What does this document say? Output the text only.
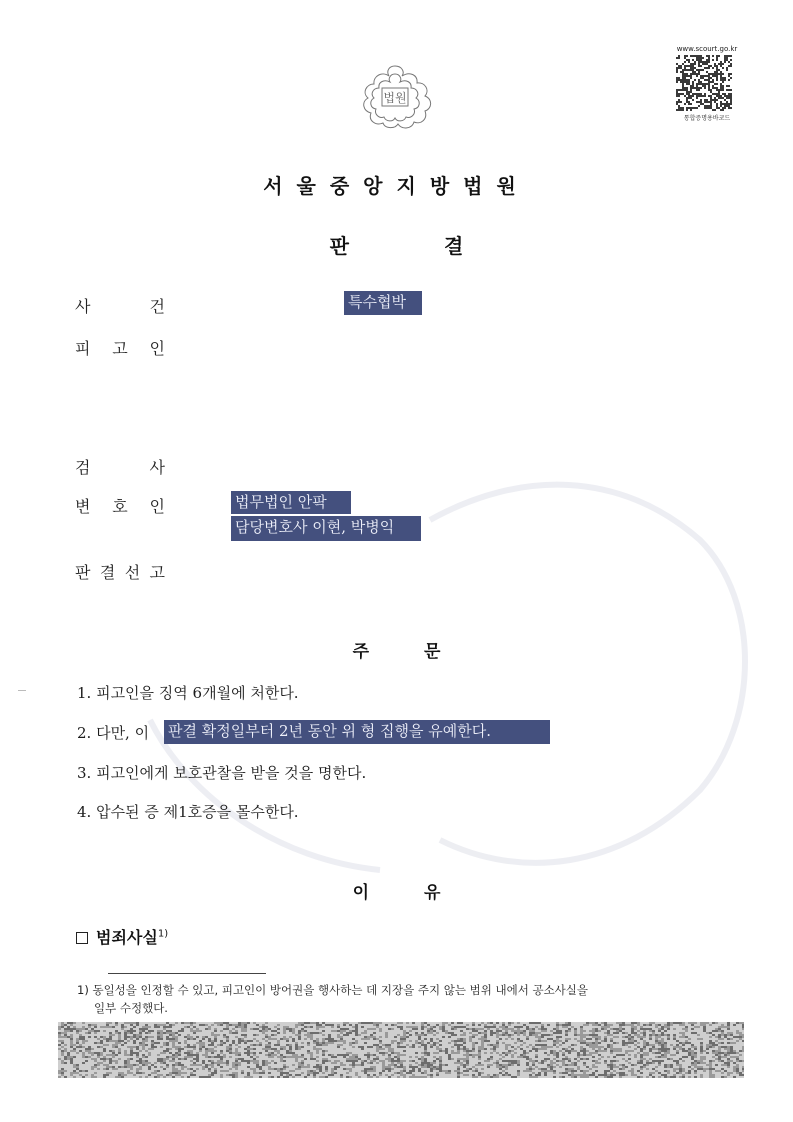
법원
www.scourt.go.kr
통합증명용바코드
서울중앙지방법원
판	결
사	건	특수협박
피 고 인
검	사
변 호 인	법무법인 안팍
담당변호사 이현, 박병익
판 결 선 고
주	문
1. 피고인을 징역 6개월에 처한다.
2. 다만, 이 판결 확정일부터 2년 동안 위 형 집행을 유예한다.
3. 피고인에게 보호관찰을 받을 것을 명한다.
4. 압수된 증 제1호증을 몰수한다.
이	유
범죄사실$^{1)}$
1) 동일성을 인정할 수 있고, 피고인이 방어권을 행사하는 데 지장을 주지 않는 범위 내에서 공소사실을
일부 수정했다.
